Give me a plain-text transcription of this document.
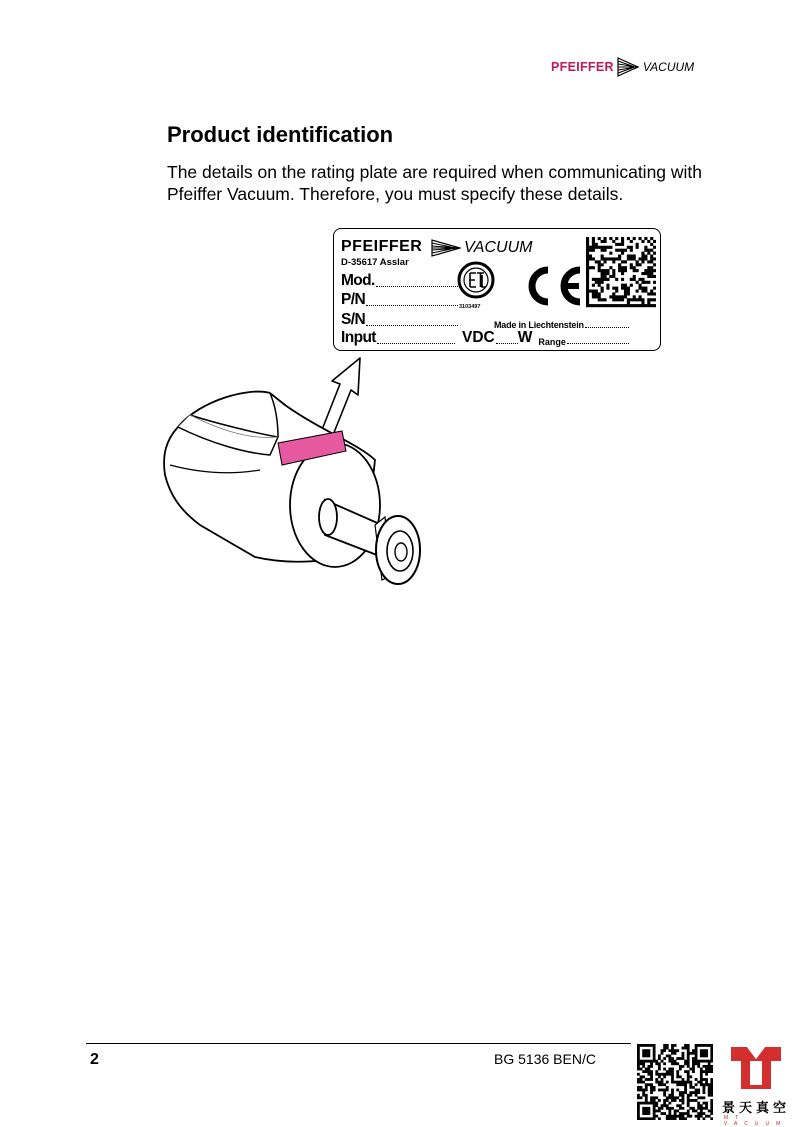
PFEIFFER VACUUM
Product identification
The details on the rating plate are required when communicating with Pfeiffer Vacuum. Therefore, you must specify these details.
PFEIFFER	VACUUM
D-35617 Asslar
Mod.
P/N
S/N
Input
3103497
Made in Liechtenstein
VDC W Range
2	BG 5136 BEN/C
景天真空
MT VACUUM
